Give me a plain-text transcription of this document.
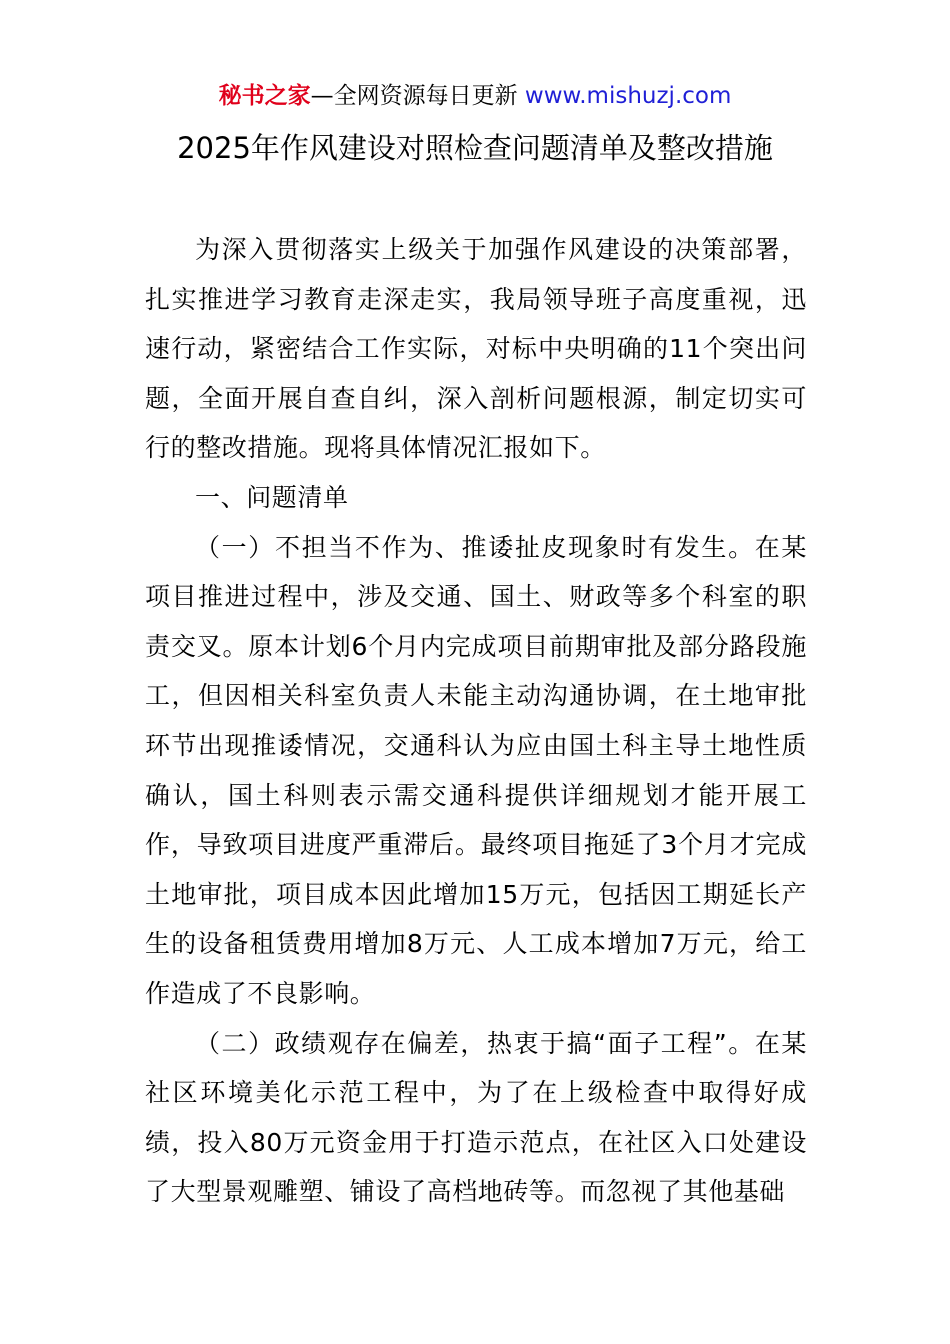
秘书之家—全网资源每日更新 www.mishuzj.com
2025年作风建设对照检查问题清单及整改措施

为深入贯彻落实上级关于加强作风建设的决策部署，扎实推进学习教育走深走实，我局领导班子高度重视，迅速行动，紧密结合工作实际，对标中央明确的11个突出问题，全面开展自查自纠，深入剖析问题根源，制定切实可行的整改措施。现将具体情况汇报如下。

一、问题清单

（一）不担当不作为、推诿扯皮现象时有发生。在某项目推进过程中，涉及交通、国土、财政等多个科室的职责交叉。原本计划6个月内完成项目前期审批及部分路段施工，但因相关科室负责人未能主动沟通协调，在土地审批环节出现推诿情况，交通科认为应由国土科主导土地性质确认，国土科则表示需交通科提供详细规划才能开展工作，导致项目进度严重滞后。最终项目拖延了3个月才完成土地审批，项目成本因此增加15万元，包括因工期延长产生的设备租赁费用增加8万元、人工成本增加7万元，给工作造成了不良影响。

（二）政绩观存在偏差，热衷于搞“面子工程”。在某社区环境美化示范工程中，为了在上级检查中取得好成绩，投入80万元资金用于打造示范点，在社区入口处建设了大型景观雕塑、铺设了高档地砖等。而忽视了其他基础
